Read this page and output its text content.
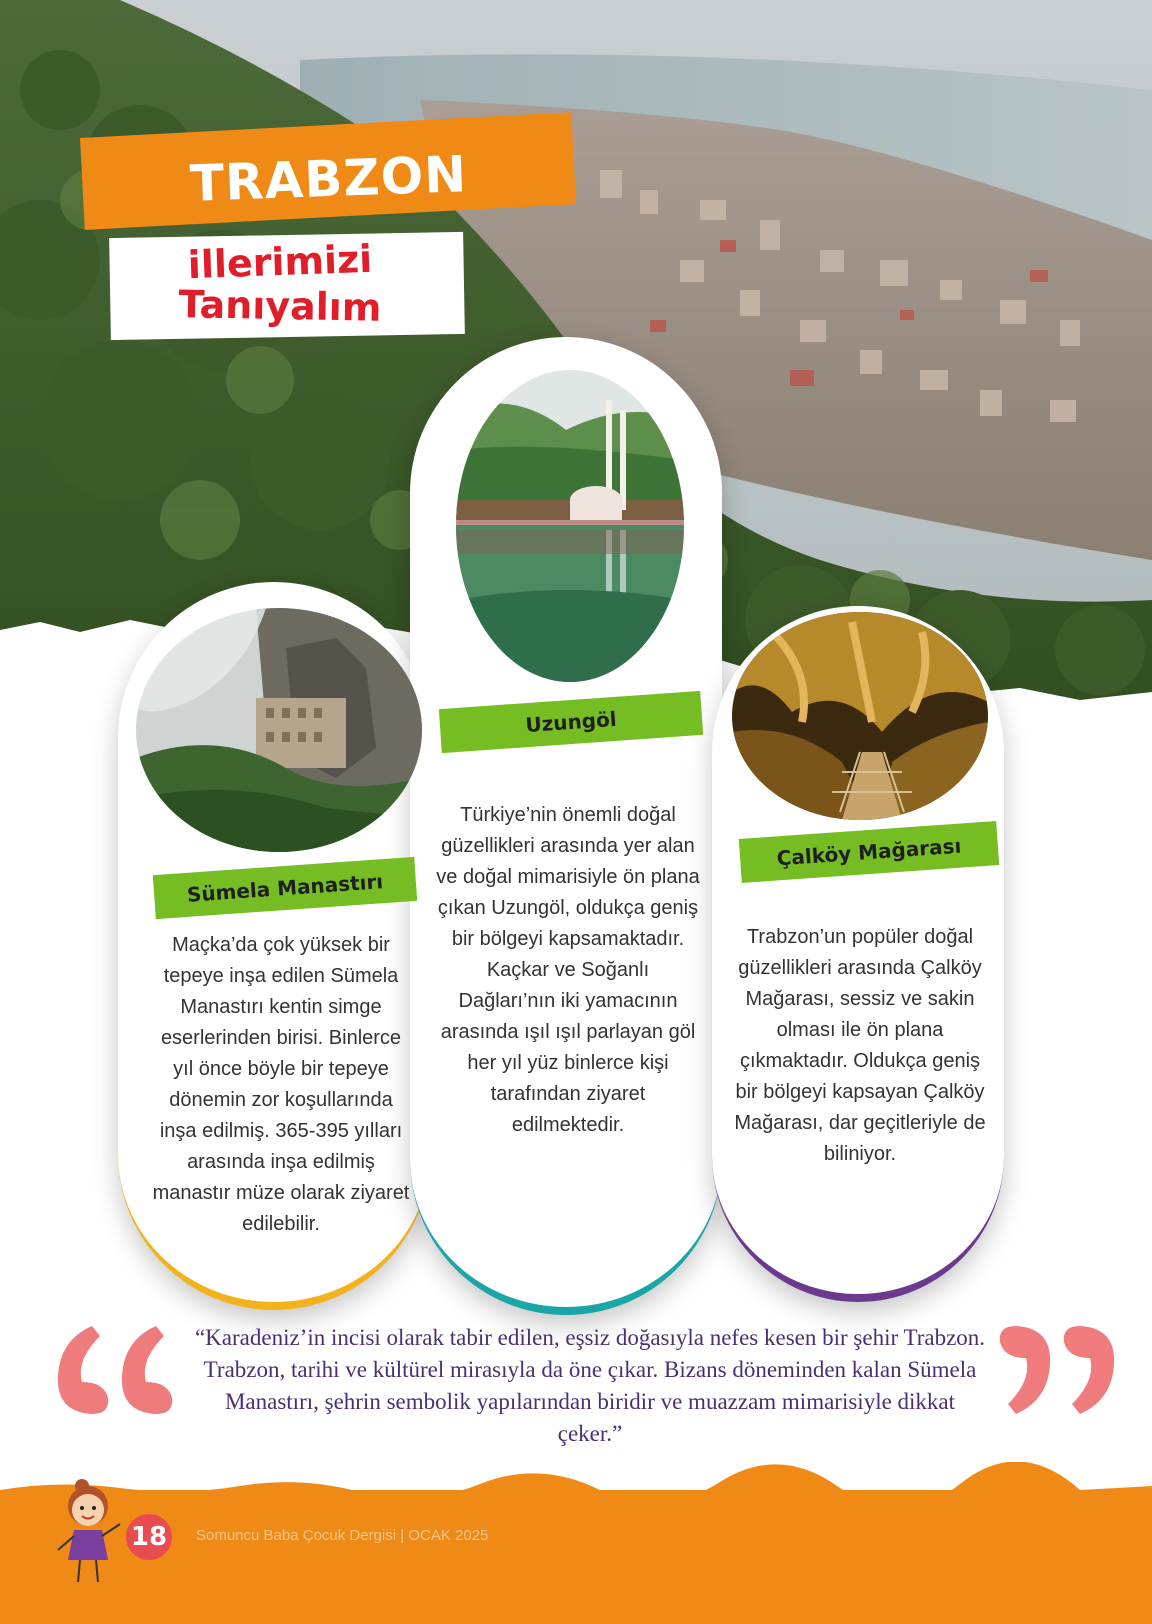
TRABZON
illerimizi
Tanıyalım
Sümela Manastırı
Uzungöl
Çalköy Mağarası
Maçka’da çok yüksek bir tepeye inşa edilen Sümela Manastırı kentin simge eserlerinden birisi. Binlerce yıl önce böyle bir tepeye dönemin zor koşullarında inşa edilmiş. 365-395 yılları arasında inşa edilmiş manastır müze olarak ziyaret edilebilir.
Türkiye’nin önemli doğal güzellikleri arasında yer alan ve doğal mimarisiyle ön plana çıkan Uzungöl, oldukça geniş bir bölgeyi kapsamaktadır. Kaçkar ve Soğanlı Dağları’nın iki yamacının arasında ışıl ışıl parlayan göl her yıl yüz binlerce kişi tarafından ziyaret edilmektedir.
Trabzon’un popüler doğal güzellikleri arasında Çalköy Mağarası, sessiz ve sakin olması ile ön plana çıkmaktadır. Oldukça geniş bir bölgeyi kapsayan Çalköy Mağarası, dar geçitleriyle de biliniyor.
“Karadeniz’in incisi olarak tabir edilen, eşsiz doğasıyla nefes kesen bir şehir Trabzon. Trabzon, tarihi ve kültürel mirasıyla da öne çıkar. Bizans döneminden kalan Sümela Manastırı, şehrin sembolik yapılarından biridir ve muazzam mimarisiyle dikkat çeker.”
18	Somuncu Baba Çocuk Dergisi | OCAK 2025
